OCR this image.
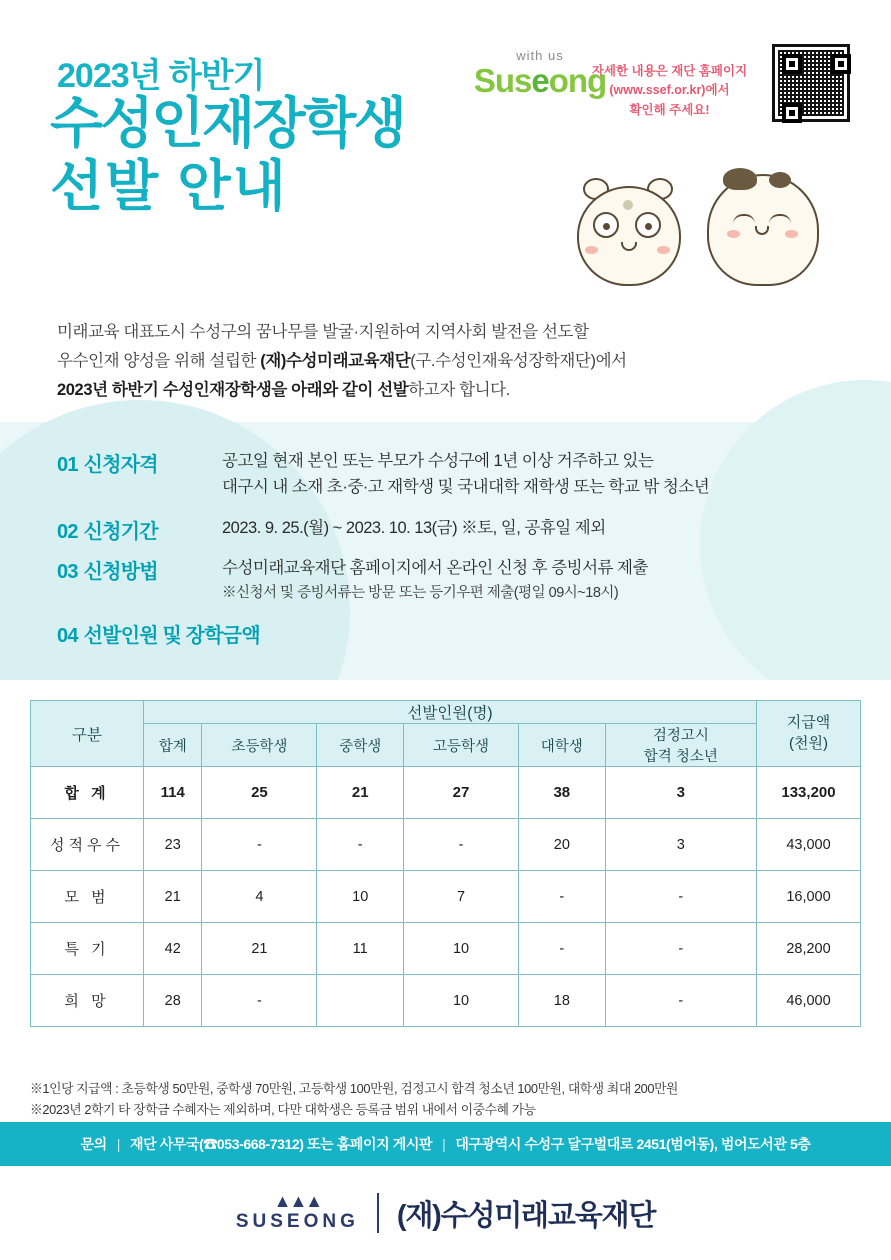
2023년 하반기
수성인재장학생
선발 안내
with us
Suseong
자세한 내용은 재단 홈페이지
(www.ssef.or.kr)에서
확인해 주세요!
미래교육 대표도시 수성구의 꿈나무를 발굴·지원하여 지역사회 발전을 선도할
우수인재 양성을 위해 설립한 (재)수성미래교육재단(구.수성인재육성장학재단)에서
2023년 하반기 수성인재장학생을 아래와 같이 선발하고자 합니다.
01 신청자격	공고일 현재 본인 또는 부모가 수성구에 1년 이상 거주하고 있는
대구시 내 소재 초·중·고 재학생 및 국내대학 재학생 또는 학교 밖 청소년
02 신청기간	2023. 9. 25.(월) ~ 2023. 10. 13(금) ※토, 일, 공휴일 제외
03 신청방법	수성미래교육재단 홈페이지에서 온라인 신청 후 증빙서류 제출
※신청서 및 증빙서류는 방문 또는 등기우편 제출(평일 09시~18시)
04 선발인원 및 장학금액
구분	선발인원(명)						지급액
(천원)

	합계	초등학생	중학생	고등학생	대학생	검정고시
합격 청소년	

합 계	114	25	21	27	38	3	133,200
성적우수	23	-	-	-	20	3	43,000
모 범	21	4	10	7	-	-	16,000
특 기	42	21	11	10	-	-	28,200
희 망	28	-		10	18	-	46,000
※1인당 지급액 : 초등학생 50만원, 중학생 70만원, 고등학생 100만원, 검정고시 합격 청소년 100만원, 대학생 최대 200만원
※2023년 2학기 타 장학금 수혜자는 제외하며, 다만 대학생은 등록금 범위 내에서 이중수혜 가능
문의 | 재단 사무국(☎053-668-7312) 또는 홈페이지 게시판 | 대구광역시 수성구 달구벌대로 2451(범어동), 범어도서관 5층
▲▲▲
SUSEONG (재)수성미래교육재단
